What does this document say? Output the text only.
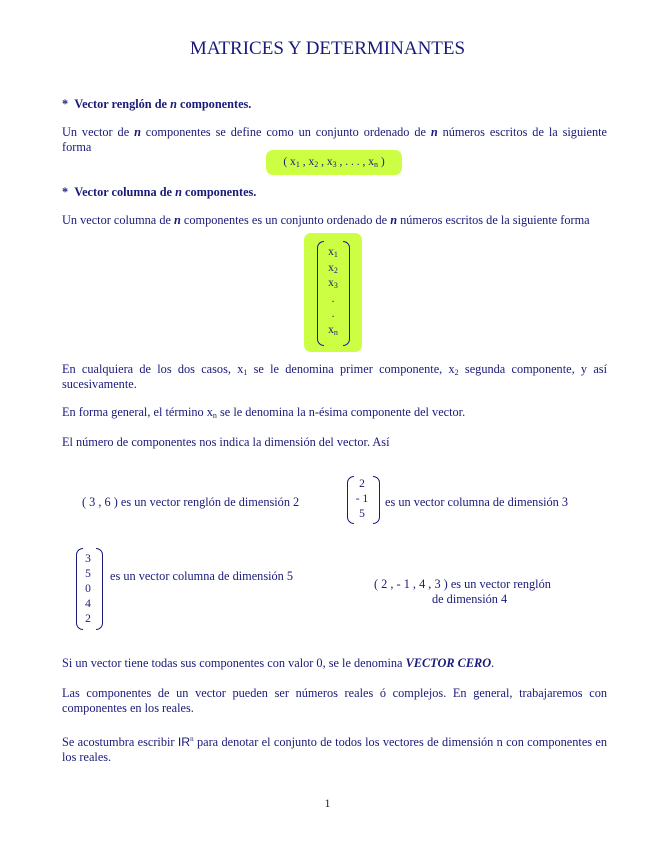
MATRICES Y DETERMINANTES
* Vector renglón de n componentes.
Un vector de n componentes se define como un conjunto ordenado de n números escritos de la siguiente forma
( $x_1$ , $x_2$ , $x_3$ , . . . , $x_n$ )
* Vector columna de n componentes.
Un vector columna de n componentes es un conjunto ordenado de n números escritos de la siguiente forma
$x_1$
$x_2$
$x_3$
.
.
$x_n$
En cualquiera de los dos casos, $x_1$ se le denomina primer componente, $x_2$ segunda componente, y así sucesivamente.
En forma general, el término $x_n$ se le denomina la n-ésima componente del vector.
El número de componentes nos indica la dimensión del vector. Así
( 3 , 6 ) es un vector renglón de dimensión 2
2
- 1
5
es un vector columna de dimensión 3
3
5
0
4
2
es un vector columna de dimensión 5
( 2 , - 1 , 4 , 3 ) es un vector renglón
de dimensión 4
Si un vector tiene todas sus componentes con valor 0, se le denomina VECTOR CERO.
Las componentes de un vector pueden ser números reales ó complejos. En general, trabajaremos con componentes en los reales.
Se acostumbra escribir $IR^n$ para denotar el conjunto de todos los vectores de dimensión n con componentes en los reales.
1
